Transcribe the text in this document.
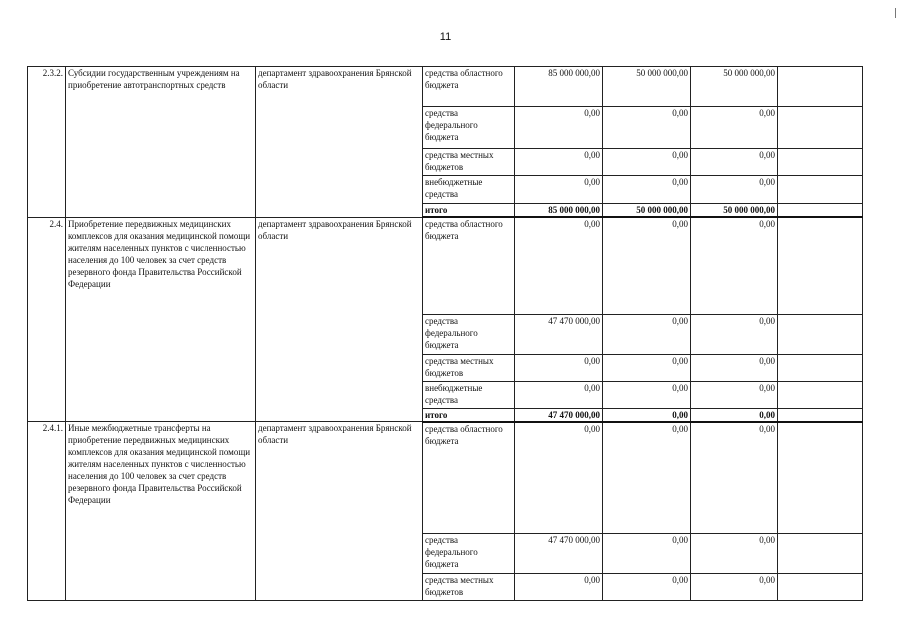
11
2.3.2.	Субсидии государственным учреждениям на приобретение автотранспортных средств	департамент здравоохранения Брянской области	средства областного бюджета	85 000 000,00	50 000 000,00	50 000 000,00	
			средства федерального бюджета	0,00	0,00	0,00	
			средства местных бюджетов	0,00	0,00	0,00	
			внебюджетные средства	0,00	0,00	0,00	
			итого	85 000 000,00	50 000 000,00	50 000 000,00	
2.4.	Приобретение передвижных медицинских комплексов для оказания медицинской помощи жителям населенных пунктов с численностью населения до 100 человек за счет средств резервного фонда Правительства Российской Федерации	департамент здравоохранения Брянской области	средства областного бюджета	0,00	0,00	0,00	
			средства федерального бюджета	47 470 000,00	0,00	0,00	
			средства местных бюджетов	0,00	0,00	0,00	
			внебюджетные средства	0,00	0,00	0,00	
			итого	47 470 000,00	0,00	0,00	
2.4.1.	Иные межбюджетные трансферты на приобретение передвижных медицинских комплексов для оказания медицинской помощи жителям населенных пунктов с численностью населения до 100 человек за счет средств резервного фонда Правительства Российской Федерации	департамент здравоохранения Брянской области	средства областного бюджета	0,00	0,00	0,00	
			средства федерального бюджета	47 470 000,00	0,00	0,00	
			средства местных бюджетов	0,00	0,00	0,00	
